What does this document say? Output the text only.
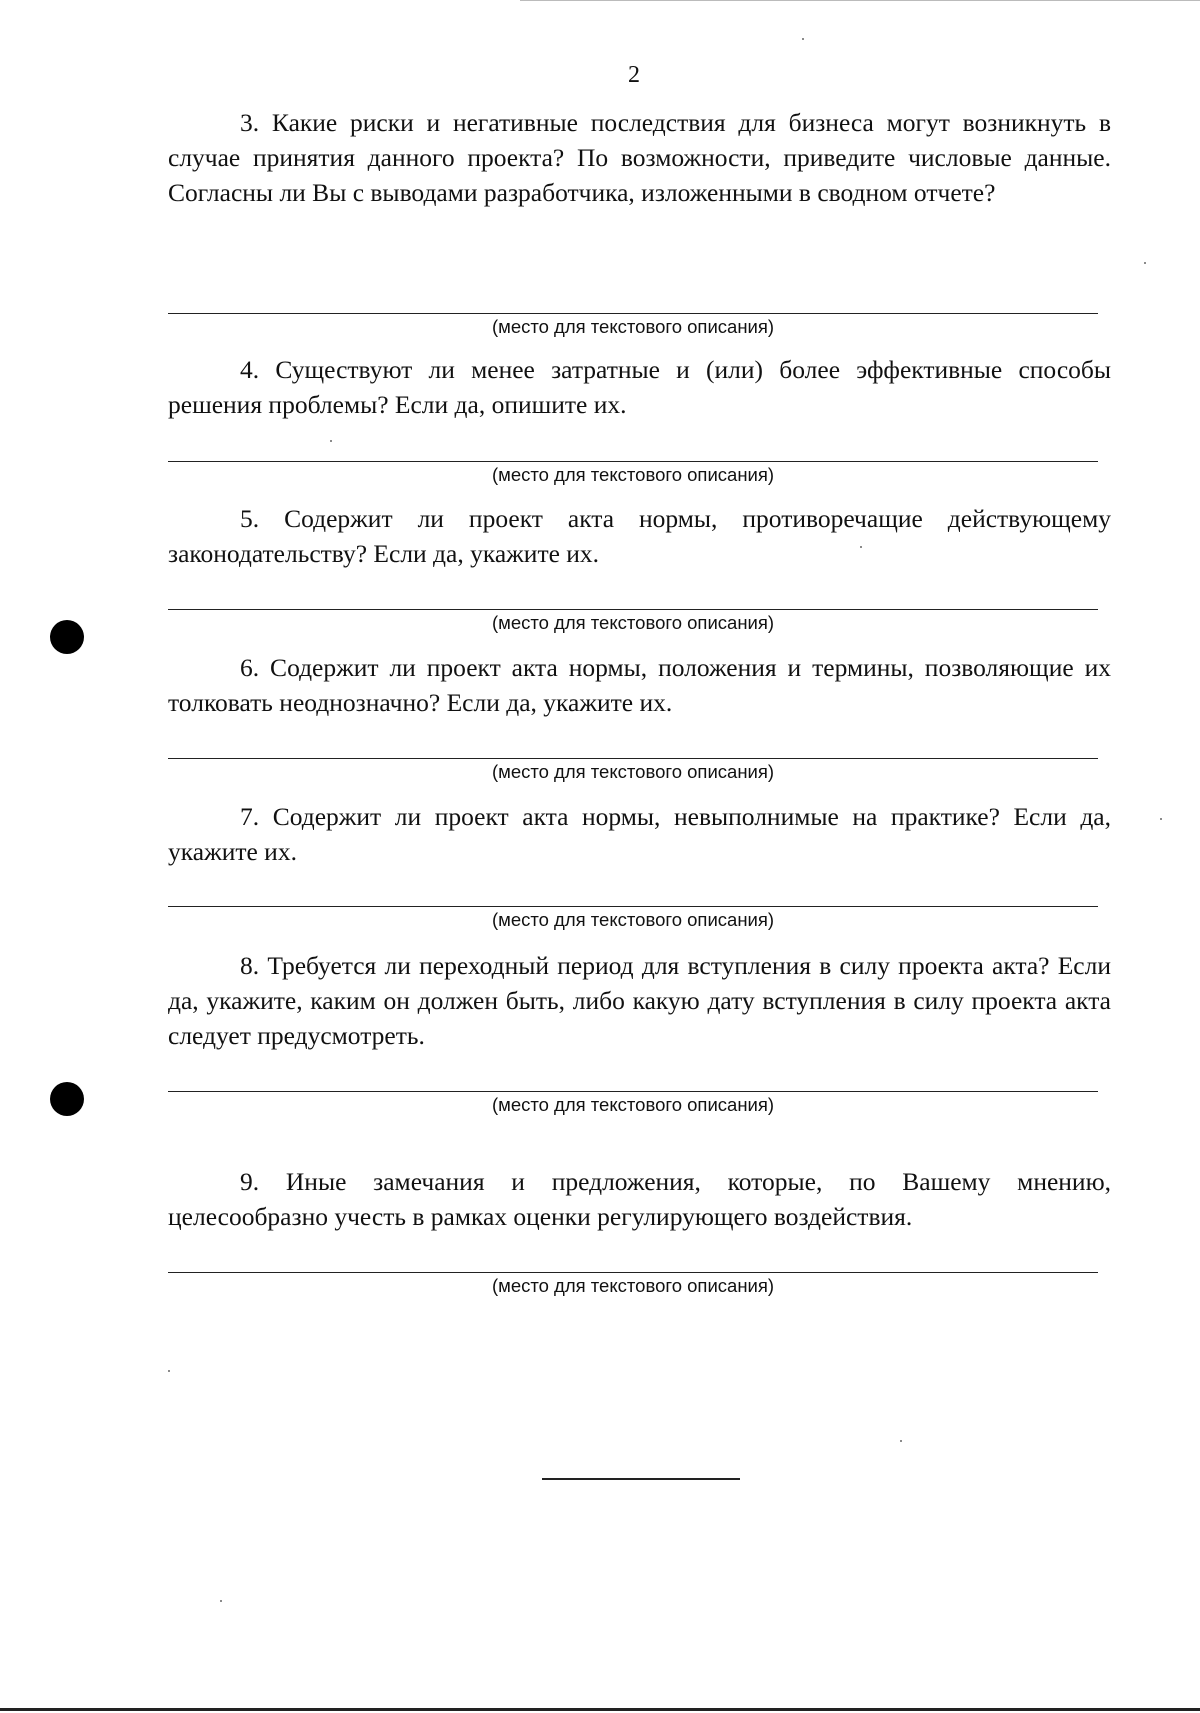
2

3. Какие риски и негативные последствия для бизнеса могут возникнуть в случае принятия данного проекта? По возможности, приведите числовые данные. Согласны ли Вы с выводами разработчика, изложенными в сводном отчете?

(место для текстового описания)

4. Существуют ли менее затратные и (или) более эффективные способы решения проблемы? Если да, опишите их.

(место для текстового описания)

5. Содержит ли проект акта нормы, противоречащие действующему законодательству? Если да, укажите их.

(место для текстового описания)

6. Содержит ли проект акта нормы, положения и термины, позволяющие их толковать неоднозначно? Если да, укажите их.

(место для текстового описания)

7. Содержит ли проект акта нормы, невыполнимые на практике? Если да, укажите их.

(место для текстового описания)

8. Требуется ли переходный период для вступления в силу проекта акта? Если да, укажите, каким он должен быть, либо какую дату вступления в силу проекта акта следует предусмотреть.

(место для текстового описания)

9. Иные замечания и предложения, которые, по Вашему мнению, целесообразно учесть в рамках оценки регулирующего воздействия.

(место для текстового описания)
